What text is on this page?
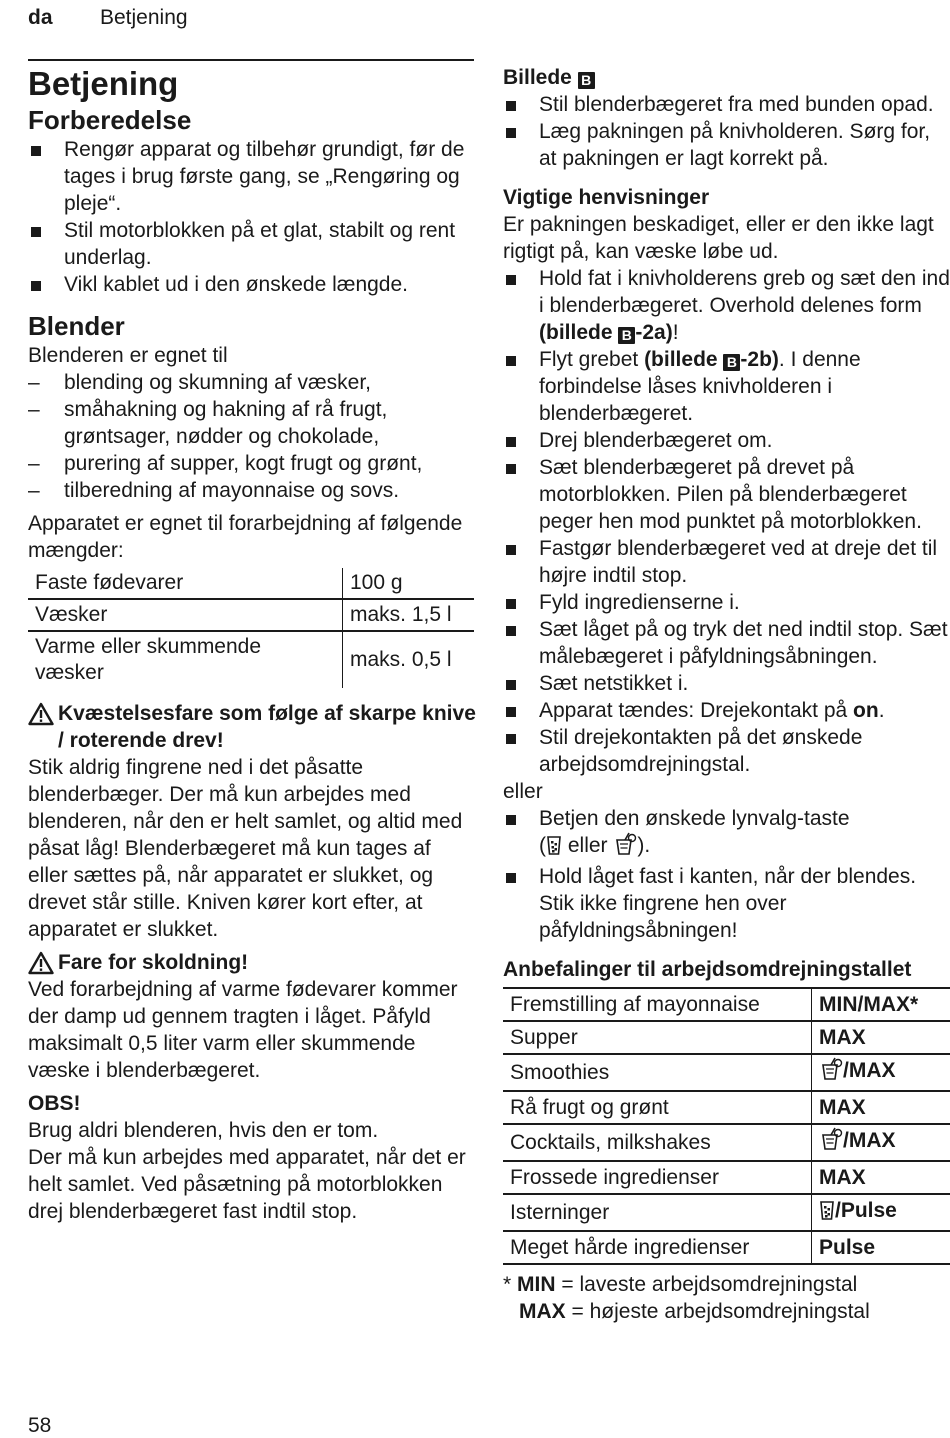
da Betjening
Betjening
Forberedelse
Rengør apparat og tilbehør grundigt, før de tages i brug første gang, se „Rengøring og pleje“.
Stil motorblokken på et glat, stabilt og rent underlag.
Vikl kablet ud i den ønskede længde.
Blender

Blenderen er egnet til

– blending og skumning af væsker,
– småhakning og hakning af rå frugt, grøntsager, nødder og chokolade,
– purering af supper, kogt frugt og grønt,
– tilberedning af mayonnaise og sovs.

Apparatet er egnet til forarbejdning af følgende mængder:

Faste fødevarer	100 g
Væsker	maks. 1,5 l
Varme eller skummende væsker	maks. 0,5 l
Kvæstelsesfare som følge af skarpe knive / roterende drev!

Stik aldrig fingrene ned i det påsatte blenderbæger. Der må kun arbejdes med blenderen, når den er helt samlet, og altid med påsat låg! Blenderbægeret må kun tages af eller sættes på, når apparatet er slukket, og drevet står stille. Kniven kører kort efter, at apparatet er slukket.

Fare for skoldning!

Ved forarbejdning af varme fødevarer kommer der damp ud gennem tragten i låget. Påfyld maksimalt 0,5 liter varm eller skummende væske i blenderbægeret.

OBS!

Brug aldri blenderen, hvis den er tom.

Der må kun arbejdes med apparatet, når det er helt samlet. Ved påsætning på motorblokken drej blenderbægeret fast indtil stop.

Billede B

Stil blenderbægeret fra med bunden opad.
Læg pakningen på knivholderen. Sørg for, at pakningen er lagt korrekt på.

Vigtige henvisninger

Er pakningen beskadiget, eller er den ikke lagt rigtigt på, kan væske løbe ud.

Hold fat i knivholderens greb og sæt den ind i blenderbægeret. Overhold delenes form (billede B -2a)!
Flyt grebet (billede B -2b). I denne forbindelse låses knivholderen i blenderbægeret.
Drej blenderbægeret om.
Sæt blenderbægeret på drevet på motorblokken. Pilen på blenderbægeret peger hen mod punktet på motorblokken.
Fastgør blenderbægeret ved at dreje det til højre indtil stop.
Fyld ingredienserne i.
Sæt låget på og tryk det ned indtil stop. Sæt målebægeret i påfyldningsåbningen.
Sæt netstikket i.
Apparat tændes: Drejekontakt på on.
Stil drejekontakten på det ønskede arbejdsomdrejningstal.

eller

Betjen den ønskede lynvalg-taste
( eller ).
Hold låget fast i kanten, når der blendes. Stik ikke fingrene hen over påfyldningsåbningen!

Anbefalinger til arbejdsomdrejningstallet

Fremstilling af mayonnaise	MIN/MAX*
Supper	MAX
Smoothies	/MAX
Rå frugt og grønt	MAX
Cocktails, milkshakes	/MAX
Frossede ingredienser	MAX
Isterninger	/Pulse
Meget hårde ingredienser	Pulse

* MIN = laveste arbejdsomdrejningstal

MAX = højeste arbejdsomdrejningstal

58
